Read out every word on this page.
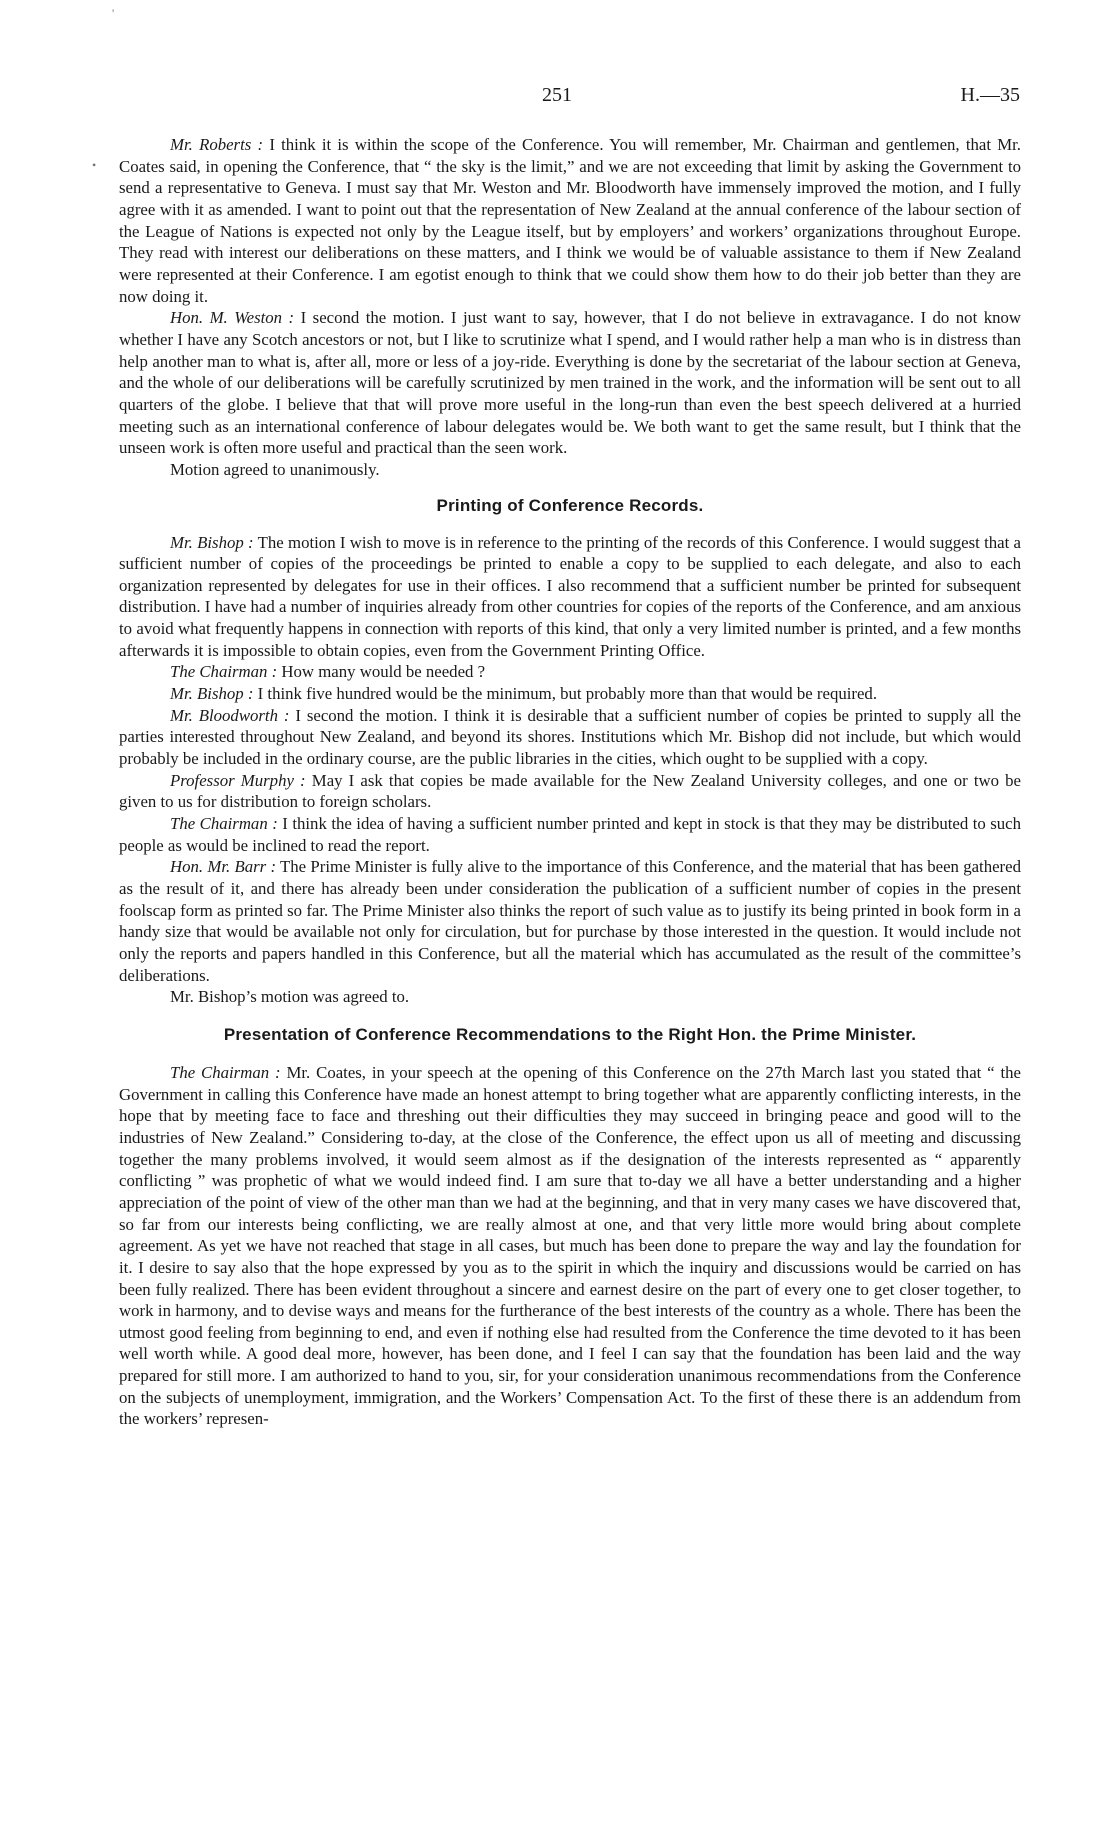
'
•
251	H.—35

Mr. Roberts : I think it is within the scope of the Conference. You will remember, Mr. Chairman and gentlemen, that Mr. Coates said, in opening the Conference, that “ the sky is the limit,” and we are not exceeding that limit by asking the Government to send a representative to Geneva. I must say that Mr. Weston and Mr. Bloodworth have immensely improved the motion, and I fully agree with it as amended. I want to point out that the representation of New Zealand at the annual conference of the labour section of the League of Nations is expected not only by the League itself, but by employers’ and workers’ organizations throughout Europe. They read with interest our deliberations on these matters, and I think we would be of valuable assistance to them if New Zealand were represented at their Conference. I am egotist enough to think that we could show them how to do their job better than they are now doing it.

Hon. M. Weston : I second the motion. I just want to say, however, that I do not believe in extravagance. I do not know whether I have any Scotch ancestors or not, but I like to scrutinize what I spend, and I would rather help a man who is in distress than help another man to what is, after all, more or less of a joy-ride. Everything is done by the secretariat of the labour section at Geneva, and the whole of our deliberations will be carefully scrutinized by men trained in the work, and the information will be sent out to all quarters of the globe. I believe that that will prove more useful in the long-run than even the best speech delivered at a hurried meeting such as an international conference of labour delegates would be. We both want to get the same result, but I think that the unseen work is often more useful and practical than the seen work.

Motion agreed to unanimously.

Printing of Conference Records.

Mr. Bishop : The motion I wish to move is in reference to the printing of the records of this Conference. I would suggest that a sufficient number of copies of the proceedings be printed to enable a copy to be supplied to each delegate, and also to each organization represented by delegates for use in their offices. I also recommend that a sufficient number be printed for subsequent distribution. I have had a number of inquiries already from other countries for copies of the reports of the Conference, and am anxious to avoid what frequently happens in connection with reports of this kind, that only a very limited number is printed, and a few months afterwards it is impossible to obtain copies, even from the Government Printing Office.

The Chairman : How many would be needed ?

Mr. Bishop : I think five hundred would be the minimum, but probably more than that would be required.

Mr. Bloodworth : I second the motion. I think it is desirable that a sufficient number of copies be printed to supply all the parties interested throughout New Zealand, and beyond its shores. Institutions which Mr. Bishop did not include, but which would probably be included in the ordinary course, are the public libraries in the cities, which ought to be supplied with a copy.

Professor Murphy : May I ask that copies be made available for the New Zealand University colleges, and one or two be given to us for distribution to foreign scholars.

The Chairman : I think the idea of having a sufficient number printed and kept in stock is that they may be distributed to such people as would be inclined to read the report.

Hon. Mr. Barr : The Prime Minister is fully alive to the importance of this Conference, and the material that has been gathered as the result of it, and there has already been under consideration the publication of a sufficient number of copies in the present foolscap form as printed so far. The Prime Minister also thinks the report of such value as to justify its being printed in book form in a handy size that would be available not only for circulation, but for purchase by those interested in the question. It would include not only the reports and papers handled in this Conference, but all the material which has accumulated as the result of the committee’s deliberations.

Mr. Bishop’s motion was agreed to.

Presentation of Conference Recommendations to the Right Hon. the Prime Minister.

The Chairman : Mr. Coates, in your speech at the opening of this Conference on the 27th March last you stated that “ the Government in calling this Conference have made an honest attempt to bring together what are apparently conflicting interests, in the hope that by meeting face to face and threshing out their difficulties they may succeed in bringing peace and good will to the industries of New Zealand.” Considering to-day, at the close of the Conference, the effect upon us all of meeting and discussing together the many problems involved, it would seem almost as if the designation of the interests represented as “ apparently conflicting ” was prophetic of what we would indeed find. I am sure that to-day we all have a better understanding and a higher appreciation of the point of view of the other man than we had at the beginning, and that in very many cases we have discovered that, so far from our interests being conflicting, we are really almost at one, and that very little more would bring about complete agreement. As yet we have not reached that stage in all cases, but much has been done to prepare the way and lay the foundation for it. I desire to say also that the hope expressed by you as to the spirit in which the inquiry and discussions would be carried on has been fully realized. There has been evident throughout a sincere and earnest desire on the part of every one to get closer together, to work in harmony, and to devise ways and means for the furtherance of the best interests of the country as a whole. There has been the utmost good feeling from beginning to end, and even if nothing else had resulted from the Conference the time devoted to it has been well worth while. A good deal more, however, has been done, and I feel I can say that the foundation has been laid and the way prepared for still more. I am authorized to hand to you, sir, for your consideration unanimous recommendations from the Conference on the subjects of unemployment, immigration, and the Workers’ Compensation Act. To the first of these there is an addendum from the workers’ represen-
